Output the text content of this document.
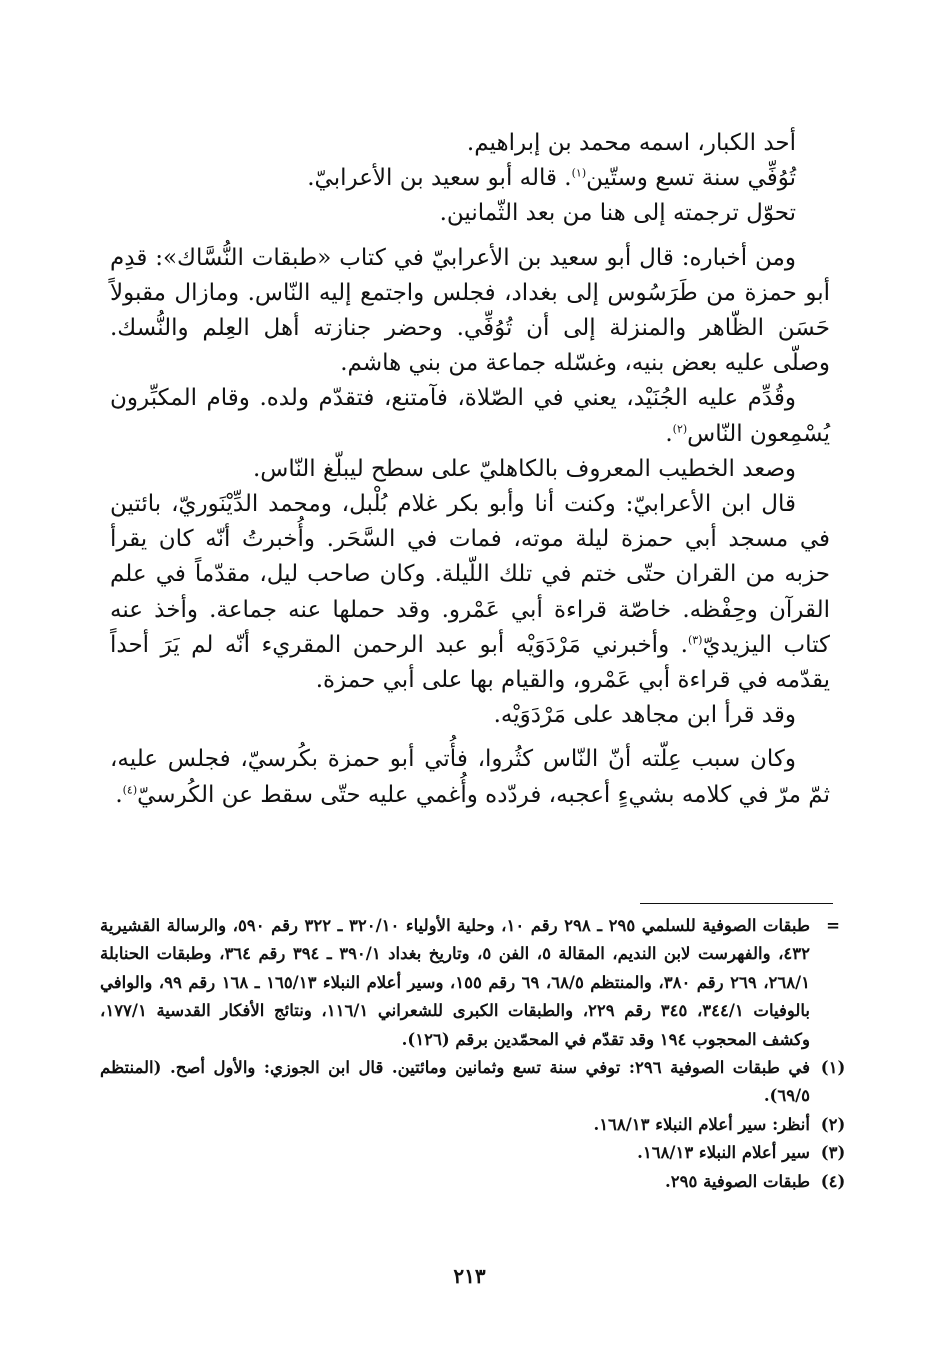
أحد الكبار، اسمه محمد بن إبراهيم.

تُوُفِّي سنة تسع وستّين$^{(١)}$. قاله أبو سعيد بن الأعرابيّ.

تحوّل ترجمته إلى هنا من بعد الثّمانين.

ومن أخباره: قال أبو سعيد بن الأعرابيّ في كتاب «طبقات النُّسَّاك»: قدِم أبو حمزة من طَرَسُوس إلى بغداد، فجلس واجتمع إليه النّاس. ومازال مقبولاً حَسَن الظّاهر والمنزلة إلى أن تُوُفِّي. وحضر جنازته أهل العِلم والنُّسك. وصلّى عليه بعض بنيه، وغسّله جماعة من بني هاشم.

وقُدِّم عليه الجُنَيْد، يعني في الصّلاة، فآمتنع، فتقدّم ولده. وقام المكبِّرون يُسْمِعون النّاس$^{(٢)}$.

وصعد الخطيب المعروف بالكاهليّ على سطح ليبلّغ النّاس.

قال ابن الأعرابيّ: وكنت أنا وأبو بكر غلام بُلْبل، ومحمد الدِّيْنَوريّ، بائتين في مسجد أبي حمزة ليلة موته، فمات في السَّحَر. وأُخبرتُ أنّه كان يقرأ حزبه من القران حتّى ختم في تلك اللّيلة. وكان صاحب ليل، مقدّماً في علم القرآن وحِفْظه. خاصّة قراءة أبي عَمْرو. وقد حملها عنه جماعة. وأخذ عنه كتاب اليزيديّ$^{(٣)}$. وأخبرني مَرْدَوَيْه أبو عبد الرحمن المقريء أنّه لم يَرَ أحداً يقدّمه في قراءة أبي عَمْرو، والقيام بها على أبي حمزة.

وقد قرأ ابن مجاهد على مَرْدَوَيْه.

وكان سبب عِلّته أنّ النّاس كثُروا، فأُتي أبو حمزة بكُرسيّ، فجلس عليه، ثمّ مرّ في كلامه بشيءٍ أعجبه، فردّده وأُغمي عليه حتّى سقط عن الكُرسيّ$^{(٤)}$.

=
طبقات الصوفية للسلمي ٢٩٥ ـ ٢٩٨ رقم ١٠، وحلية الأولياء ٣٢٠/١٠ ـ ٣٢٢ رقم ٥٩٠، والرسالة القشيرية ٤٣٢، والفهرست لابن النديم، المقالة ٥، الفن ٥، وتاريخ بغداد ٣٩٠/١ ـ ٣٩٤ رقم ٣٦٤، وطبقات الحنابلة ٢٦٨/١، ٢٦٩ رقم ٣٨٠، والمنتظم ٦٨/٥، ٦٩ رقم ١٥٥، وسير أعلام النبلاء ١٦٥/١٣ ـ ١٦٨ رقم ٩٩، والوافي بالوفيات ٣٤٤/١، ٣٤٥ رقم ٢٢٩، والطبقات الكبرى للشعراني ١١٦/١، ونتائج الأفكار القدسية ١٧٧/١، وكشف المحجوب ١٩٤ وقد تقدّم في المحمّدين برقم (١٢٦).
(١)
في طبقات الصوفية ٢٩٦: توفي سنة تسع وثمانين ومائتين. قال ابن الجوزي: والأول أصح. (المنتظم ٦٩/٥).
(٢)
أنظر: سير أعلام النبلاء ١٦٨/١٣.
(٣)
سير أعلام النبلاء ١٦٨/١٣.
(٤)
طبقات الصوفية ٢٩٥.
٢١٣
